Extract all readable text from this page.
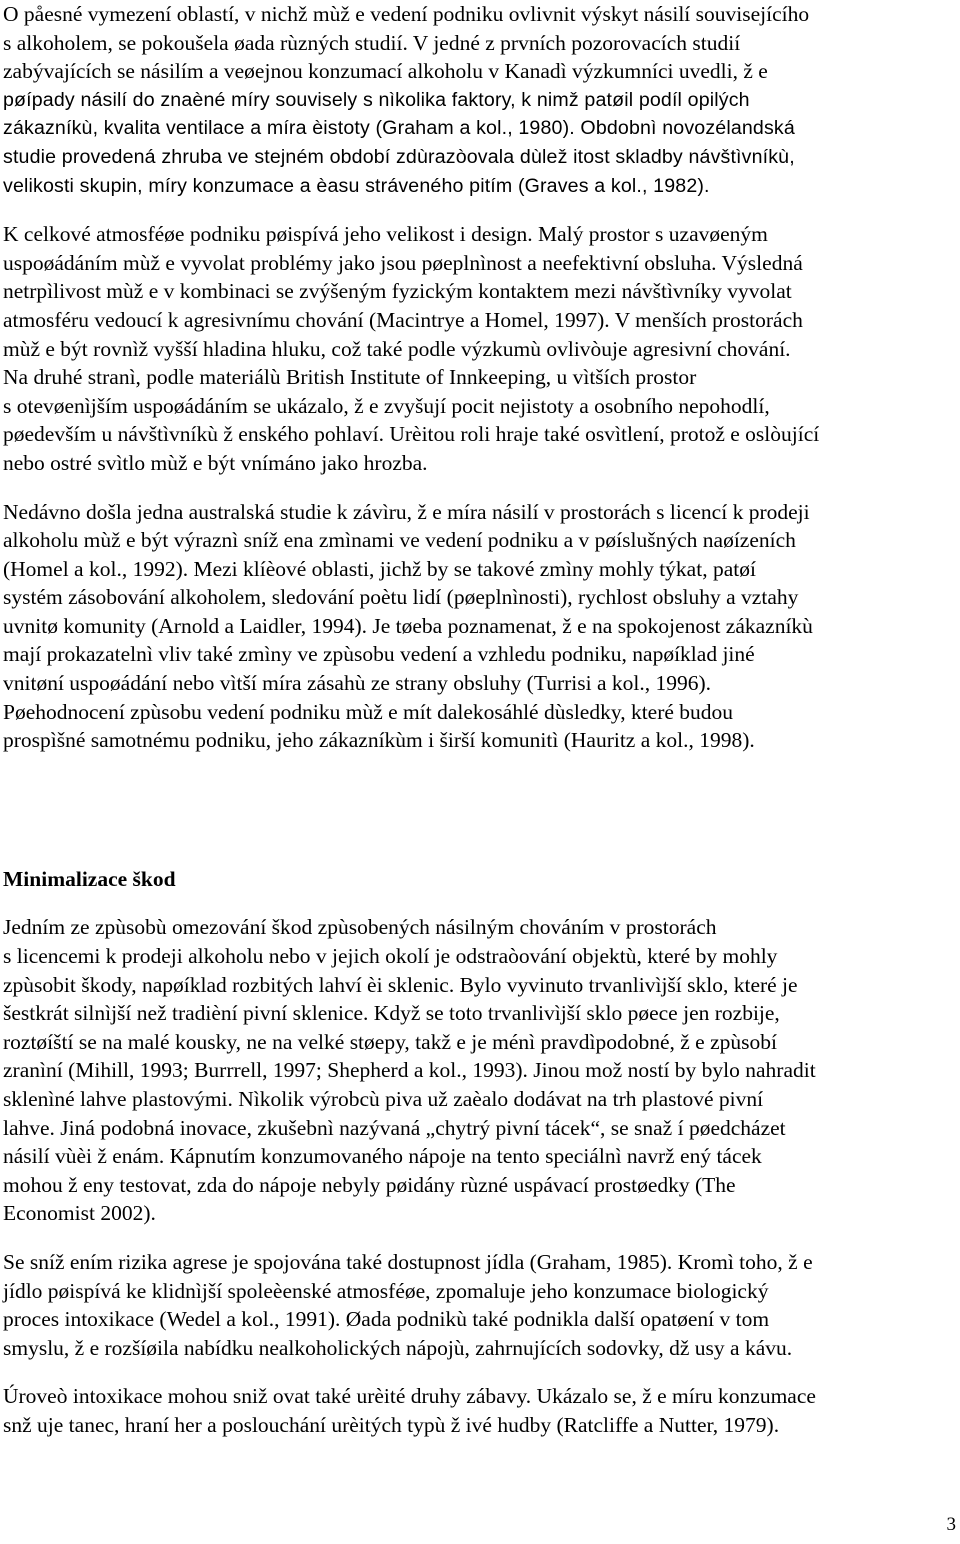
O påesné vymezení oblastí, v nichž mùž e vedení podniku ovlivnit výskyt násilí souvisejícího
s alkoholem, se pokoušela øada rùzných studií. V jedné z prvních pozorovacích studií
zabývajících se násilím a veøejnou konzumací alkoholu v Kanadì výzkumníci uvedli, ž e
pøípady násilí do znaèné míry souvisely s nìkolika faktory, k nimž patøil podíl opilých
zákazníkù, kvalita ventilace a míra èistoty (Graham a kol., 1980). Obdobnì novozélandská
studie provedená zhruba ve stejném období zdùrazòovala dùlež itost skladby návštìvníkù,
velikosti skupin, míry konzumace a èasu stráveného pitím (Graves a kol., 1982).
K celkové atmosféøe podniku pøispívá jeho velikost i design. Malý prostor s uzavøeným
uspoøádáním mùž e vyvolat problémy jako jsou pøeplnìnost a neefektivní obsluha. Výsledná
netrpìlivost mùž e v kombinaci se zvýšeným fyzickým kontaktem mezi návštìvníky vyvolat
atmosféru vedoucí k agresivnímu chování (Macintrye a Homel, 1997). V menších prostorách
mùž e být rovnìž vyšší hladina hluku, což také podle výzkumù ovlivòuje agresivní chování.
Na druhé stranì, podle materiálù British Institute of Innkeeping, u vìtších prostor
s otevøenìjším uspoøádáním se ukázalo, ž e zvyšují pocit nejistoty a osobního nepohodlí,
pøedevším u návštìvníkù ž enského pohlaví. Urèitou roli hraje také osvìtlení, protož e oslòující
nebo ostré svìtlo mùž e být vnímáno jako hrozba.
Nedávno došla jedna australská studie k závìru, ž e míra násilí v prostorách s licencí k prodeji
alkoholu mùž e být výraznì sníž ena zmìnami ve vedení podniku a v pøíslušných naøízeních
(Homel a kol., 1992). Mezi klíèové oblasti, jichž by se takové zmìny mohly týkat, patøí
systém zásobování alkoholem, sledování poètu lidí (pøeplnìnosti), rychlost obsluhy a vztahy
uvnitø komunity (Arnold a Laidler, 1994). Je tøeba poznamenat, ž e na spokojenost zákazníkù
mají prokazatelnì vliv také zmìny ve zpùsobu vedení a vzhledu podniku, napøíklad jiné
vnitøní uspoøádání nebo vìtší míra zásahù ze strany obsluhy (Turrisi a kol., 1996).
Pøehodnocení zpùsobu vedení podniku mùž e mít dalekosáhlé dùsledky, které budou
prospìšné samotnému podniku, jeho zákazníkùm i širší komunitì (Hauritz a kol., 1998).
Minimalizace škod
Jedním ze zpùsobù omezování škod zpùsobených násilným chováním v prostorách
s licencemi k prodeji alkoholu nebo v jejich okolí je odstraòování objektù, které by mohly
zpùsobit škody, napøíklad rozbitých lahví èi sklenic. Bylo vyvinuto trvanlivìjší sklo, které je
šestkrát silnìjší než tradièní pivní sklenice. Když se toto trvanlivìjší sklo pøece jen rozbije,
roztøíští se na malé kousky, ne na velké støepy, takž e je ménì pravdìpodobné, ž e zpùsobí
zranìní (Mihill, 1993; Burrrell, 1997; Shepherd a kol., 1993). Jinou mož ností by bylo nahradit
sklenìné lahve plastovými. Nìkolik výrobcù piva už zaèalo dodávat na trh plastové pivní
lahve. Jiná podobná inovace, zkušebnì nazývaná „chytrý pivní tácek“, se snaž í pøedcházet
násilí vùèi ž enám. Kápnutím konzumovaného nápoje na tento speciálnì navrž ený tácek
mohou ž eny testovat, zda do nápoje nebyly pøidány rùzné uspávací prostøedky (The
Economist 2002).
Se sníž ením rizika agrese je spojována také dostupnost jídla (Graham, 1985). Kromì toho, ž e
jídlo pøispívá ke klidnìjší spoleèenské atmosféøe, zpomaluje jeho konzumace biologický
proces intoxikace (Wedel a kol., 1991). Øada podnikù také podnikla další opatøení v tom
smyslu, ž e rozšíøila nabídku nealkoholických nápojù, zahrnujících sodovky, dž usy a kávu.
Úroveò intoxikace mohou sniž ovat také urèité druhy zábavy. Ukázalo se, ž e míru konzumace
snž uje tanec, hraní her a poslouchání urèitých typù ž ivé hudby (Ratcliffe a Nutter, 1979).
3
